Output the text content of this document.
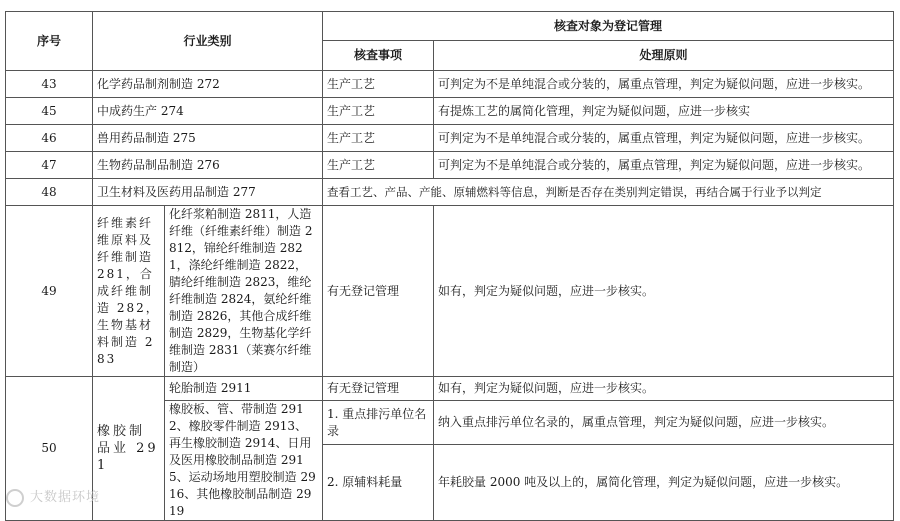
序号	行业类别		核查对象为登记管理	
			核查事项	处理原则
43	化学药品制剂制造 272		生产工艺	可判定为不是单纯混合或分装的，属重点管理，判定为疑似问题，应进一步核实。
45	中成药生产 274		生产工艺	有提炼工艺的属简化管理，判定为疑似问题，应进一步核实
46	兽用药品制造 275		生产工艺	可判定为不是单纯混合或分装的，属重点管理，判定为疑似问题，应进一步核实。
47	生物药品制品制造 276		生产工艺	可判定为不是单纯混合或分装的，属重点管理，判定为疑似问题，应进一步核实。
48	卫生材料及医药用品制造 277		查看工艺、产品、产能、原辅燃料等信息，判断是否存在类别判定错误，再结合属于行业予以判定	
49	纤维素纤维原料及纤维制造 281，合成纤维制造 282，生物基材料制造 283	化纤浆粕制造 2811，人造纤维（纤维素纤维）制造 2812，锦纶纤维制造 2821，涤纶纤维制造 2822，腈纶纤维制造 2823，维纶纤维制造 2824，氨纶纤维制造 2826，其他合成纤维制造 2829，生物基化学纤维制造 2831（莱赛尔纤维制造）	有无登记管理	如有，判定为疑似问题，应进一步核实。
50	橡胶制品业 291	轮胎制造 2911	有无登记管理	如有，判定为疑似问题，应进一步核实。
		橡胶板、管、带制造 2912、橡胶零件制造 2913、再生橡胶制造 2914、日用及医用橡胶制品制造 2915、运动场地用塑胶制造 2916、其他橡胶制品制造 2919	1. 重点排污单位名录	纳入重点排污单位名录的，属重点管理，判定为疑似问题，应进一步核实。
			2. 原辅料耗量	年耗胶量 2000 吨及以上的，属简化管理，判定为疑似问题，应进一步核实。
大数据环境
